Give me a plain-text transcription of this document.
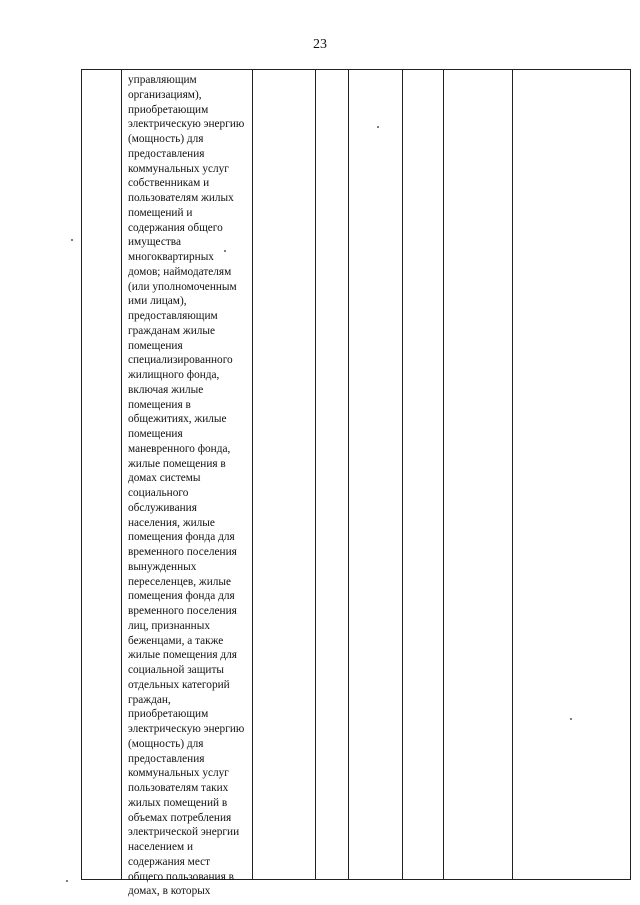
23
управляющим
организациям),
приобретающим
электрическую энергию
(мощность) для
предоставления
коммунальных услуг
собственникам и
пользователям жилых
помещений и
содержания общего
имущества
многоквартирных
домов; наймодателям
(или уполномоченным
ими лицам),
предоставляющим
гражданам жилые
помещения
специализированного
жилищного фонда,
включая жилые
помещения в
общежитиях, жилые
помещения
маневренного фонда,
жилые помещения в
домах системы
социального
обслуживания
населения, жилые
помещения фонда для
временного поселения
вынужденных
переселенцев, жилые
помещения фонда для
временного поселения
лиц, признанных
беженцами, а также
жилые помещения для
социальной защиты
отдельных категорий
граждан,
приобретающим
электрическую энергию
(мощность) для
предоставления
коммунальных услуг
пользователям таких
жилых помещений в
объемах потребления
электрической энергии
населением и
содержания мест
общего пользования в
домах, в которых
